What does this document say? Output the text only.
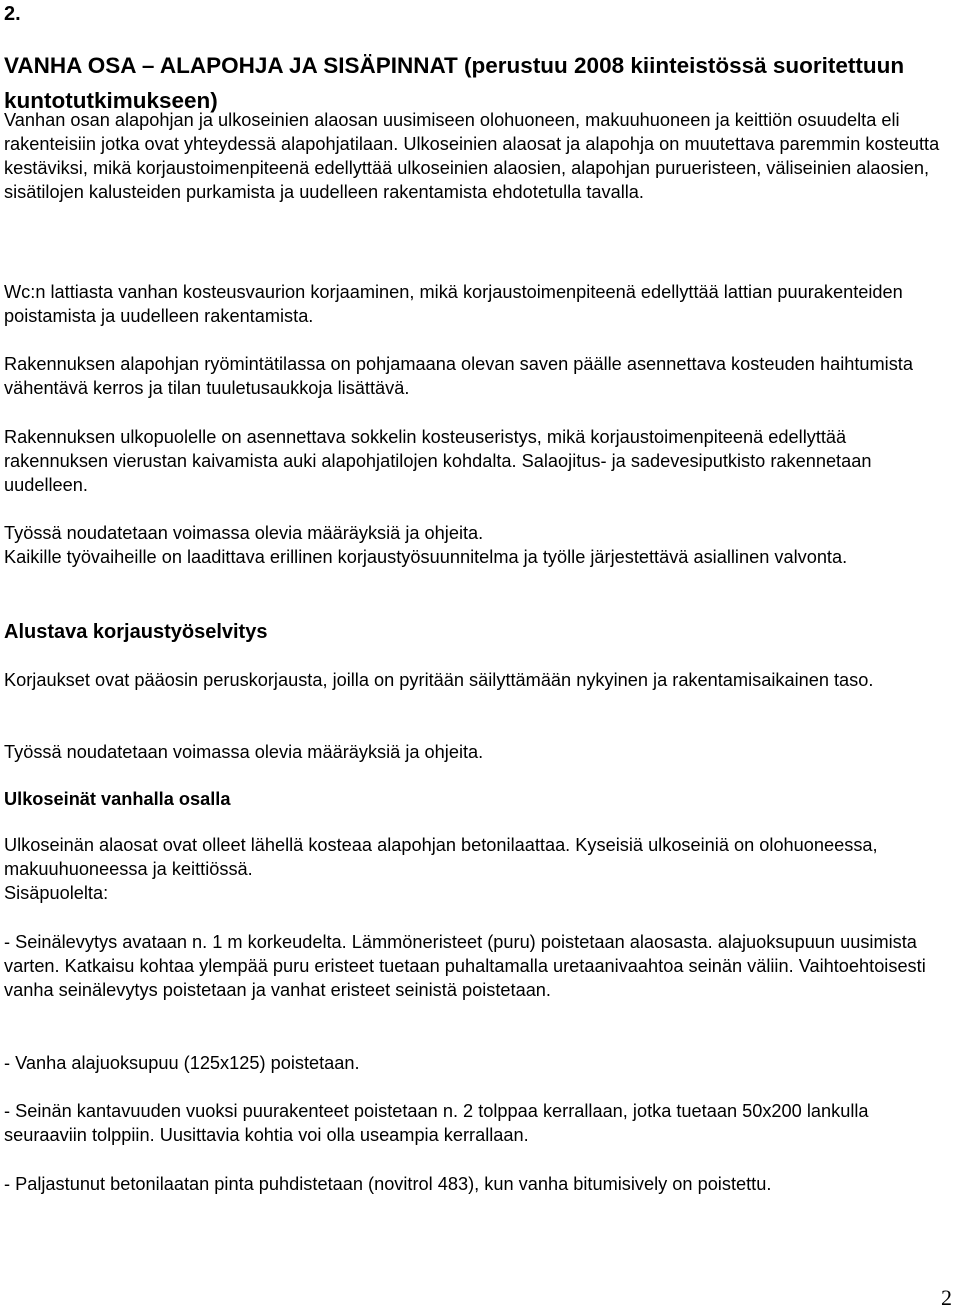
2.
VANHA OSA – ALAPOHJA JA SISÄPINNAT (perustuu 2008 kiinteistössä suoritettuun kuntotutkimukseen)

Vanhan osan alapohjan ja ulkoseinien alaosan uusimiseen olohuoneen, makuuhuoneen ja keittiön osuudelta eli rakenteisiin jotka ovat yhteydessä alapohjatilaan. Ulkoseinien alaosat ja alapohja on muutettava paremmin kosteutta kestäviksi, mikä korjaustoimenpiteenä edellyttää ulkoseinien alaosien, alapohjan purueristeen, väliseinien alaosien, sisätilojen kalusteiden purkamista ja uudelleen rakentamista ehdotetulla tavalla.

Wc:n lattiasta vanhan kosteusvaurion korjaaminen, mikä korjaustoimenpiteenä edellyttää lattian puurakenteiden poistamista ja uudelleen rakentamista.

Rakennuksen alapohjan ryömintätilassa on pohjamaana olevan saven päälle asennettava kosteuden haihtumista vähentävä kerros ja tilan tuuletusaukkoja lisättävä.

Rakennuksen ulkopuolelle on asennettava sokkelin kosteuseristys, mikä korjaustoimenpiteenä edellyttää rakennuksen vierustan kaivamista auki alapohjatilojen kohdalta. Salaojitus- ja sadevesiputkisto rakennetaan uudelleen.

Työssä noudatetaan voimassa olevia määräyksiä ja ohjeita.

Kaikille työvaiheille on laadittava erillinen korjaustyösuunnitelma ja työlle järjestettävä asiallinen valvonta.

Alustava korjaustyöselvitys

Korjaukset ovat pääosin peruskorjausta, joilla on pyritään säilyttämään nykyinen ja rakentamisaikainen taso.

Työssä noudatetaan voimassa olevia määräyksiä ja ohjeita.

Ulkoseinät vanhalla osalla

Ulkoseinän alaosat ovat olleet lähellä kosteaa alapohjan betonilaattaa. Kyseisiä ulkoseiniä on olohuoneessa, makuuhuoneessa ja keittiössä.

Sisäpuolelta:

- Seinälevytys avataan n. 1 m korkeudelta. Lämmöneristeet (puru) poistetaan alaosasta. alajuoksupuun uusimista varten. Katkaisu kohtaa ylempää puru eristeet tuetaan puhaltamalla uretaanivaahtoa seinän väliin. Vaihtoehtoisesti vanha seinälevytys poistetaan ja vanhat eristeet seinistä poistetaan.

- Vanha alajuoksupuu (125x125) poistetaan.

- Seinän kantavuuden vuoksi puurakenteet poistetaan n. 2 tolppaa kerrallaan, jotka tuetaan 50x200 lankulla seuraaviin tolppiin. Uusittavia kohtia voi olla useampia kerrallaan.

- Paljastunut betonilaatan pinta puhdistetaan (novitrol 483), kun vanha bitumisively on poistettu.

2
